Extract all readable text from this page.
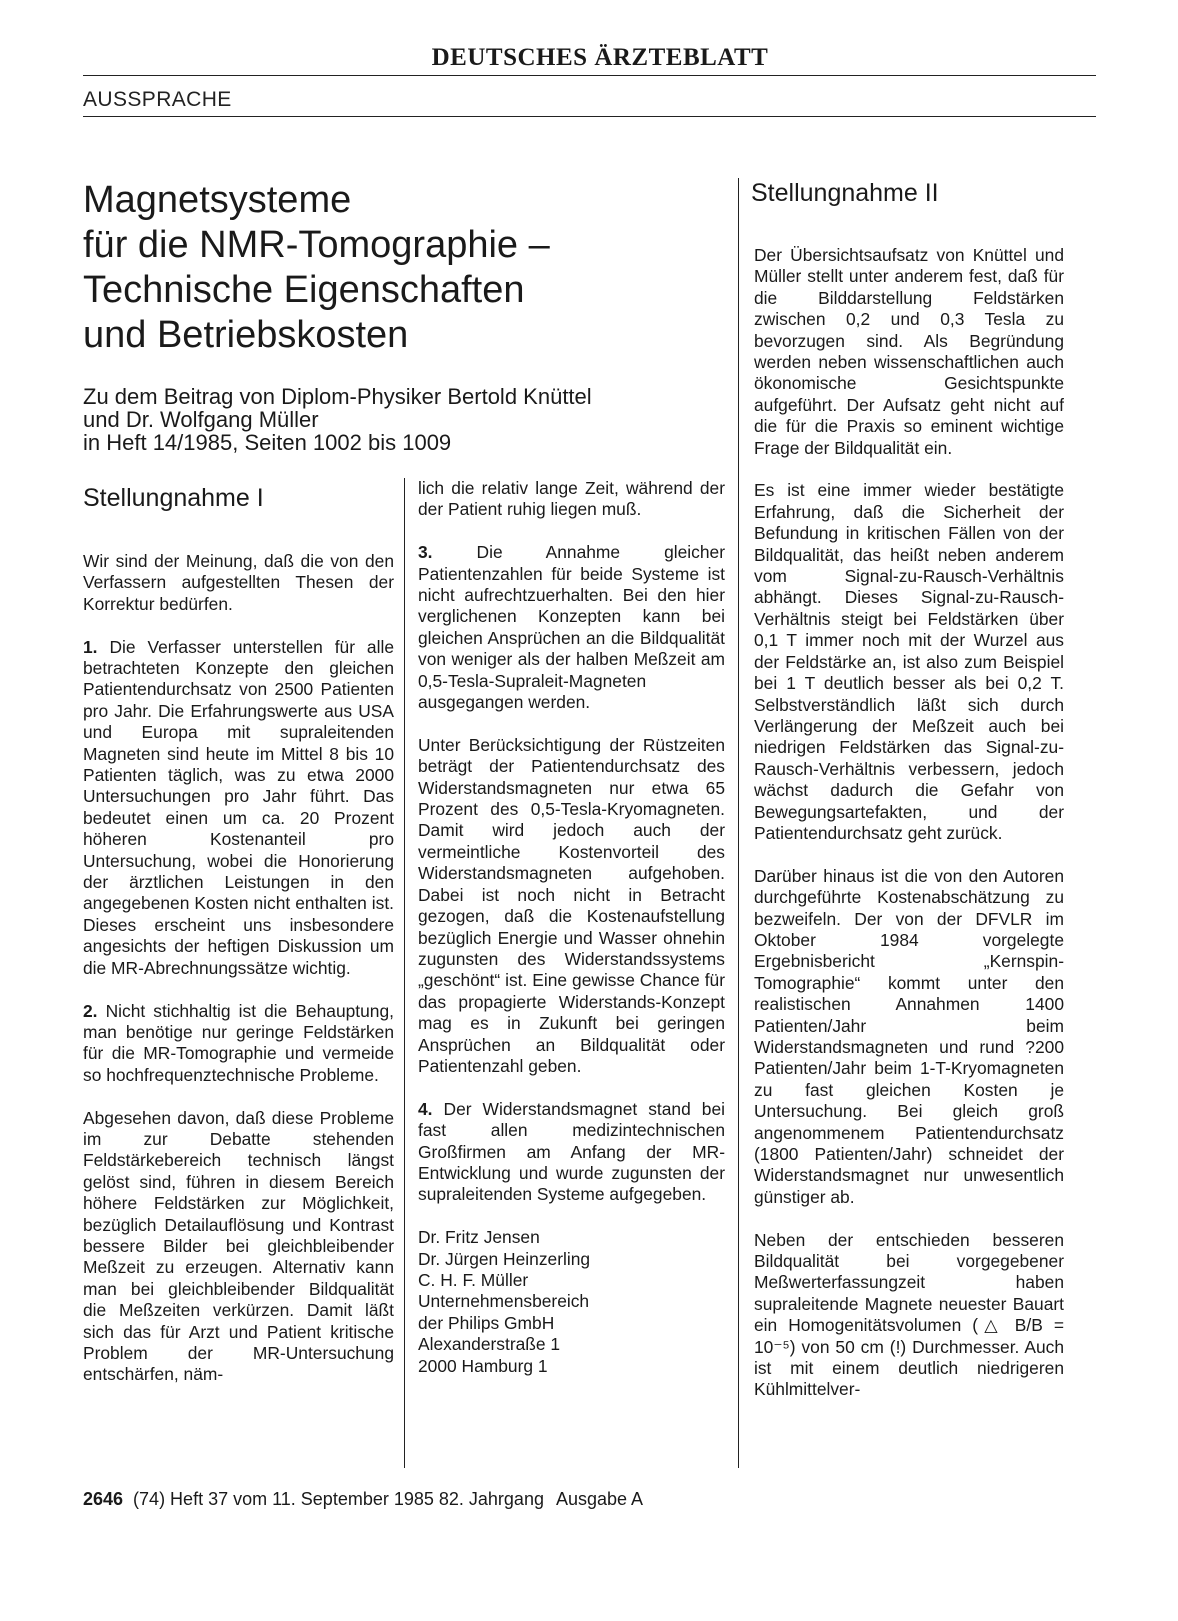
DEUTSCHES ÄRZTEBLATT
AUSSPRACHE
Magnetsysteme
für die NMR-Tomographie –
Technische Eigenschaften
und Betriebskosten
Zu dem Beitrag von Diplom-Physiker Bertold Knüttel
und Dr. Wolfgang Müller
in Heft 14/1985, Seiten 1002 bis 1009
Stellungnahme I
Stellungnahme II

Wir sind der Meinung, daß die von den Verfassern aufgestellten Thesen der Korrektur bedürfen.

1. Die Verfasser unterstellen für alle betrachteten Konzepte den gleichen Patientendurchsatz von 2500 Patienten pro Jahr. Die Erfahrungswerte aus USA und Europa mit supraleitenden Magneten sind heute im Mittel 8 bis 10 Patienten täglich, was zu etwa 2000 Untersuchungen pro Jahr führt. Das bedeutet einen um ca. 20 Prozent höheren Kostenanteil pro Untersuchung, wobei die Honorierung der ärztlichen Leistungen in den angegebenen Kosten nicht enthalten ist. Dieses erscheint uns insbesondere angesichts der heftigen Diskussion um die MR-Abrechnungssätze wichtig.

2. Nicht stichhaltig ist die Behauptung, man benötige nur geringe Feldstärken für die MR-Tomographie und vermeide so hochfrequenztechnische Probleme.

Abgesehen davon, daß diese Probleme im zur Debatte stehenden Feldstärkebereich technisch längst gelöst sind, führen in diesem Bereich höhere Feldstärken zur Möglichkeit, bezüglich Detailauflösung und Kontrast bessere Bilder bei gleichbleibender Meßzeit zu erzeugen. Alternativ kann man bei gleichbleibender Bildqualität die Meßzeiten verkürzen. Damit läßt sich das für Arzt und Patient kritische Problem der MR-Untersuchung entschärfen, näm-

lich die relativ lange Zeit, während der der Patient ruhig liegen muß.

3.	Die Annahme gleicher Patientenzahlen für beide Systeme ist nicht aufrechtzuerhalten. Bei den hier verglichenen Konzepten kann bei gleichen Ansprüchen an die Bildqualität von weniger als der halben Meßzeit am 0,5-Tesla-Supraleit-Magneten ausgegangen werden.

Unter Berücksichtigung der Rüstzeiten beträgt der Patientendurchsatz des Widerstandsmagneten nur etwa 65 Prozent des 0,5-Tesla-Kryomagneten. Damit wird jedoch auch der vermeintliche Kostenvorteil des Widerstandsmagneten aufgehoben. Dabei ist noch nicht in Betracht gezogen, daß die Kostenaufstellung bezüglich Energie und Wasser ohnehin zugunsten des Widerstandssystems „geschönt“ ist. Eine gewisse Chance für das propagierte Widerstands-Konzept mag es in Zukunft bei geringen Ansprüchen an Bildqualität oder Patientenzahl geben.

4. Der Widerstandsmagnet stand bei fast allen medizintechnischen Großfirmen am Anfang der MR-Entwicklung und wurde zugunsten der supraleitenden Systeme aufgegeben.

Dr. Fritz Jensen

Dr. Jürgen Heinzerling

C. H. F. Müller

Unternehmensbereich

der Philips GmbH

Alexanderstraße 1

2000 Hamburg 1

Der Übersichtsaufsatz von Knüttel und Müller stellt unter anderem fest, daß für die Bilddarstellung Feldstärken zwischen 0,2 und 0,3 Tesla zu bevorzugen sind. Als Begründung werden neben wissenschaftlichen auch ökonomische Gesichtspunkte aufgeführt. Der Aufsatz geht nicht auf die für die Praxis so eminent wichtige Frage der Bildqualität ein.

Es ist eine immer wieder bestätigte Erfahrung, daß die Sicherheit der Befundung in kritischen Fällen von der Bildqualität, das heißt neben anderem vom Signal-zu-Rausch-Verhältnis abhängt. Dieses Signal-zu-Rausch-Verhältnis steigt bei Feldstärken über 0,1 T immer noch mit der Wurzel aus der Feldstärke an, ist also zum Beispiel bei 1 T deutlich besser als bei 0,2 T. Selbstverständlich läßt sich durch Verlängerung der Meßzeit auch bei niedrigen Feldstärken das Signal-zu-Rausch-Verhältnis verbessern, jedoch wächst dadurch die Gefahr von Bewegungsartefakten, und der Patientendurchsatz geht zurück.

Darüber hinaus ist die von den Autoren durchgeführte Kostenabschätzung zu bezweifeln. Der von der DFVLR im Oktober 1984 vorgelegte Ergebnisbericht „Kernspin-Tomographie“ kommt unter den realistischen Annahmen 1400 Patienten/Jahr beim Widerstandsmagneten und rund ?200 Patienten/Jahr beim 1-T-Kryomagneten zu fast gleichen Kosten je Untersuchung. Bei gleich groß angenommenem Patientendurchsatz (1800 Patienten/Jahr) schneidet der Widerstandsmagnet nur unwesentlich günstiger ab.

Neben der entschieden besseren Bildqualität bei vorgegebener Meßwerterfassungzeit haben supraleitende Magnete neuester Bauart ein Homogenitätsvolumen (△ B/B = 10⁻⁵) von 50 cm (!) Durchmesser. Auch ist mit einem deutlich niedrigeren Kühlmittelver-

2646 (74) Heft 37 vom 11. September 1985 82. Jahrgang Ausgabe A
